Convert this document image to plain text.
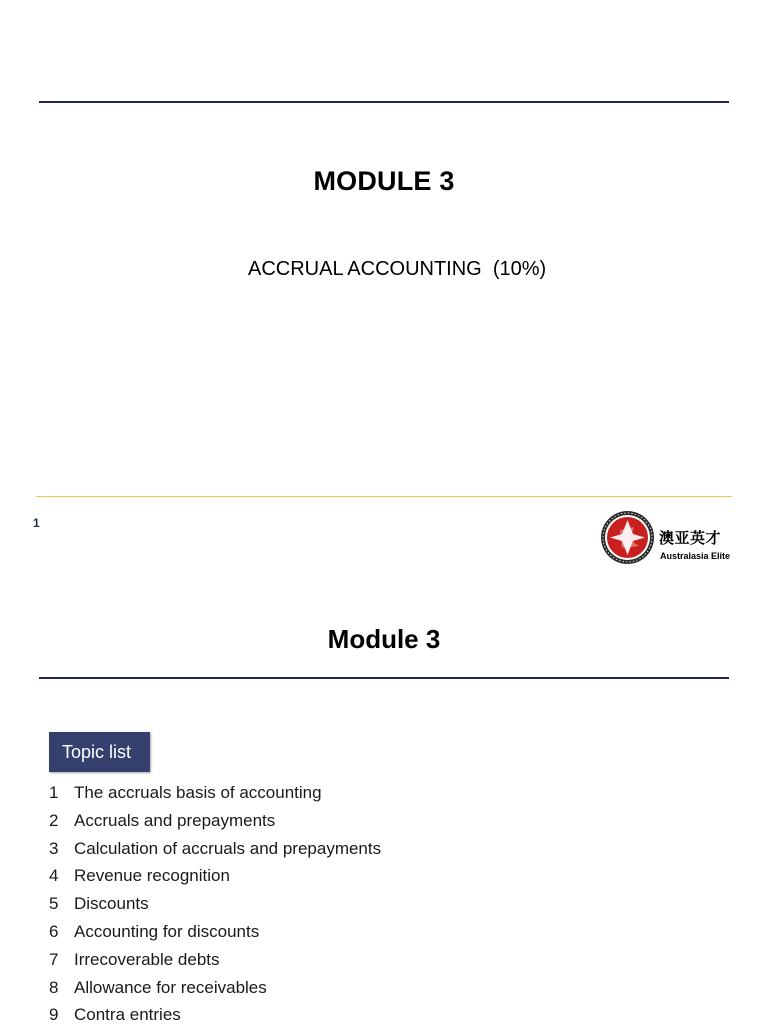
MODULE 3
ACCRUAL ACCOUNTING  (10%)
1
澳亚英才
Australasia Elite
Module 3
Topic list
1 The accruals basis of accounting
2 Accruals and prepayments
3 Calculation of accruals and prepayments
4 Revenue recognition
5 Discounts
6 Accounting for discounts
7 Irrecoverable debts
8 Allowance for receivables
9 Contra entries
